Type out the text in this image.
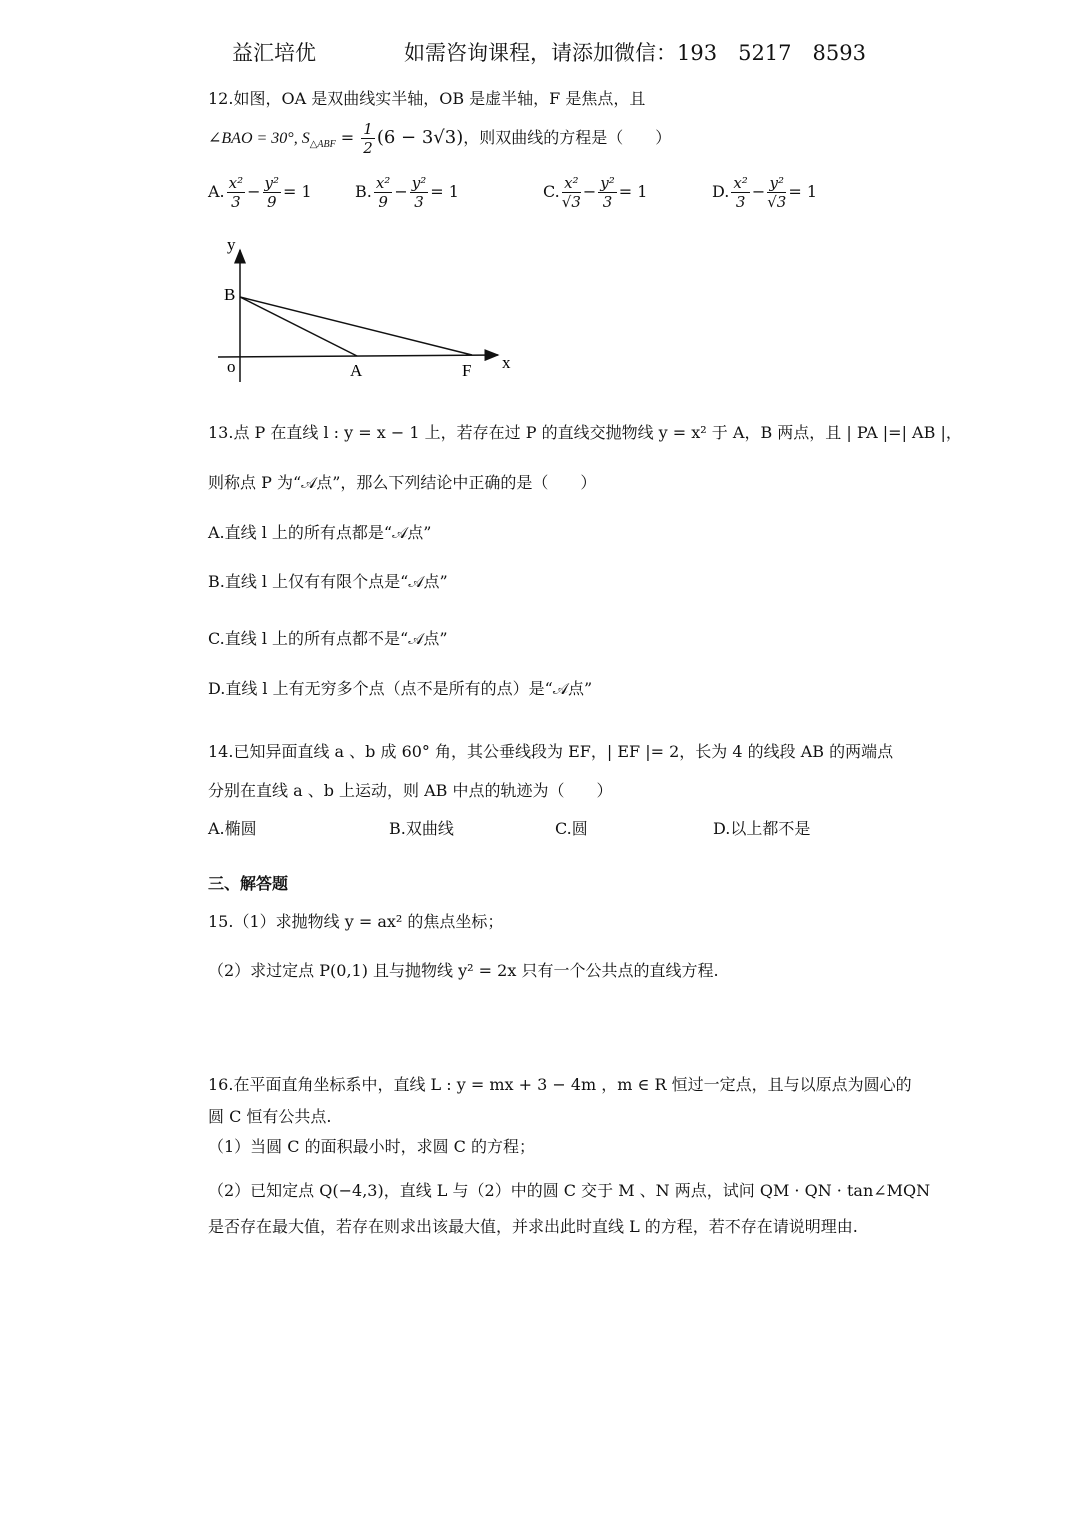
益汇培优	如需咨询课程，请添加微信：193　5217　8593
12.如图，OA 是双曲线实半轴，OB 是虚半轴，F 是焦点，且
∠BAO = 30°, $S_{\triangle ABF} = \frac{1}{2} (6 - 3√3)$，则双曲线的方程是（　　）
A. $\frac{\text{x²}}{3} - \frac{\text{y²}}{9} = 1$	B. $\frac{\text{x²}}{9} - \frac{\text{y²}}{3} = 1$	C. $\frac{\text{x²}}{√3} - \frac{\text{y²}}{3} = 1$	D. $\frac{\text{x²}}{3} - \frac{\text{y²}}{√3} = 1$
y
x
B
o	A	F
13.点 P 在直线 l : y = x − 1 上，若存在过 P 的直线交抛物线 y = x² 于 A，B 两点，且 | PA |=| AB |，
则称点 P 为“𝒜点”，那么下列结论中正确的是（　　）
A.直线 l 上的所有点都是“𝒜点”
B.直线 l 上仅有有限个点是“𝒜点”
C.直线 l 上的所有点都不是“𝒜点”
D.直线 l 上有无穷多个点（点不是所有的点）是“𝒜点”
14.已知异面直线 a 、b 成 60° 角，其公垂线段为 EF，| EF |= 2，长为 4 的线段 AB 的两端点
分别在直线 a 、b 上运动，则 AB 中点的轨迹为（　　）
A.椭圆	B.双曲线	C.圆	D.以上都不是
三、解答题
15.（1）求抛物线 y = ax² 的焦点坐标；
（2）求过定点 P(0,1) 且与抛物线 y² = 2x 只有一个公共点的直线方程.
16.在平面直角坐标系中，直线 L : y = mx + 3 − 4m ，m ∈ R 恒过一定点，且与以原点为圆心的
圆 C 恒有公共点.
（1）当圆 C 的面积最小时，求圆 C 的方程；
（2）已知定点 Q(−4,3)，直线 L 与（2）中的圆 C 交于 M 、N 两点，试问 QM · QN · tan∠MQN
是否存在最大值，若存在则求出该最大值，并求出此时直线 L 的方程，若不存在请说明理由.
